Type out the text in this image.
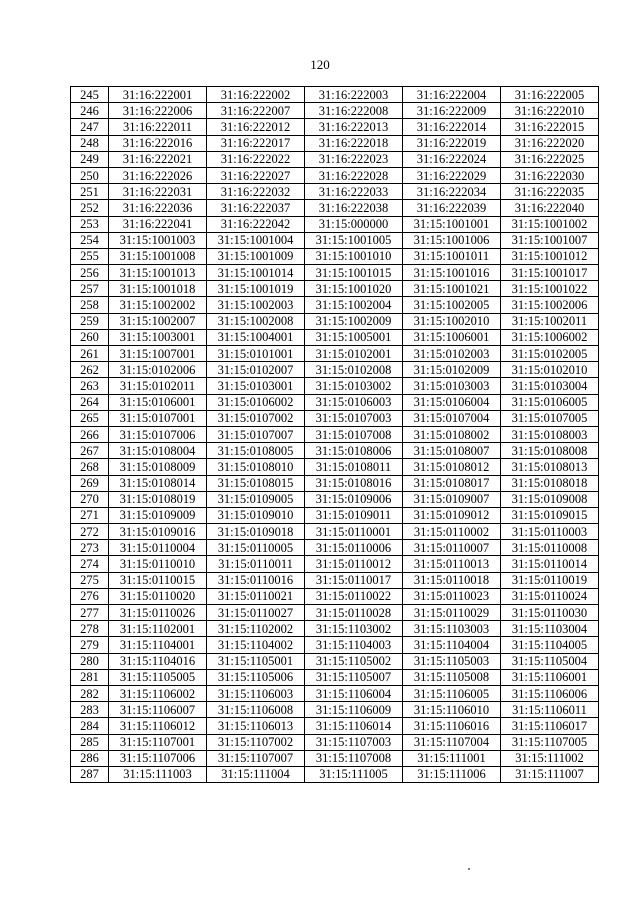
120
245	31:16:222001	31:16:222002	31:16:222003	31:16:222004	31:16:222005
246	31:16:222006	31:16:222007	31:16:222008	31:16:222009	31:16:222010
247	31:16:222011	31:16:222012	31:16:222013	31:16:222014	31:16:222015
248	31:16:222016	31:16:222017	31:16:222018	31:16:222019	31:16:222020
249	31:16:222021	31:16:222022	31:16:222023	31:16:222024	31:16:222025
250	31:16:222026	31:16:222027	31:16:222028	31:16:222029	31:16:222030
251	31:16:222031	31:16:222032	31:16:222033	31:16:222034	31:16:222035
252	31:16:222036	31:16:222037	31:16:222038	31:16:222039	31:16:222040
253	31:16:222041	31:16:222042	31:15:000000	31:15:1001001	31:15:1001002
254	31:15:1001003	31:15:1001004	31:15:1001005	31:15:1001006	31:15:1001007
255	31:15:1001008	31:15:1001009	31:15:1001010	31:15:1001011	31:15:1001012
256	31:15:1001013	31:15:1001014	31:15:1001015	31:15:1001016	31:15:1001017
257	31:15:1001018	31:15:1001019	31:15:1001020	31:15:1001021	31:15:1001022
258	31:15:1002002	31:15:1002003	31:15:1002004	31:15:1002005	31:15:1002006
259	31:15:1002007	31:15:1002008	31:15:1002009	31:15:1002010	31:15:1002011
260	31:15:1003001	31:15:1004001	31:15:1005001	31:15:1006001	31:15:1006002
261	31:15:1007001	31:15:0101001	31:15:0102001	31:15:0102003	31:15:0102005
262	31:15:0102006	31:15:0102007	31:15:0102008	31:15:0102009	31:15:0102010
263	31:15:0102011	31:15:0103001	31:15:0103002	31:15:0103003	31:15:0103004
264	31:15:0106001	31:15:0106002	31:15:0106003	31:15:0106004	31:15:0106005
265	31:15:0107001	31:15:0107002	31:15:0107003	31:15:0107004	31:15:0107005
266	31:15:0107006	31:15:0107007	31:15:0107008	31:15:0108002	31:15:0108003
267	31:15:0108004	31:15:0108005	31:15:0108006	31:15:0108007	31:15:0108008
268	31:15:0108009	31:15:0108010	31:15:0108011	31:15:0108012	31:15:0108013
269	31:15:0108014	31:15:0108015	31:15:0108016	31:15:0108017	31:15:0108018
270	31:15:0108019	31:15:0109005	31:15:0109006	31:15:0109007	31:15:0109008
271	31:15:0109009	31:15:0109010	31:15:0109011	31:15:0109012	31:15:0109015
272	31:15:0109016	31:15:0109018	31:15:0110001	31:15:0110002	31:15:0110003
273	31:15:0110004	31:15:0110005	31:15:0110006	31:15:0110007	31:15:0110008
274	31:15:0110010	31:15:0110011	31:15:0110012	31:15:0110013	31:15:0110014
275	31:15:0110015	31:15:0110016	31:15:0110017	31:15:0110018	31:15:0110019
276	31:15:0110020	31:15:0110021	31:15:0110022	31:15:0110023	31:15:0110024
277	31:15:0110026	31:15:0110027	31:15:0110028	31:15:0110029	31:15:0110030
278	31:15:1102001	31:15:1102002	31:15:1103002	31:15:1103003	31:15:1103004
279	31:15:1104001	31:15:1104002	31:15:1104003	31:15:1104004	31:15:1104005
280	31:15:1104016	31:15:1105001	31:15:1105002	31:15:1105003	31:15:1105004
281	31:15:1105005	31:15:1105006	31:15:1105007	31:15:1105008	31:15:1106001
282	31:15:1106002	31:15:1106003	31:15:1106004	31:15:1106005	31:15:1106006
283	31:15:1106007	31:15:1106008	31:15:1106009	31:15:1106010	31:15:1106011
284	31:15:1106012	31:15:1106013	31:15:1106014	31:15:1106016	31:15:1106017
285	31:15:1107001	31:15:1107002	31:15:1107003	31:15:1107004	31:15:1107005
286	31:15:1107006	31:15:1107007	31:15:1107008	31:15:111001	31:15:111002
287	31:15:111003	31:15:111004	31:15:111005	31:15:111006	31:15:111007
